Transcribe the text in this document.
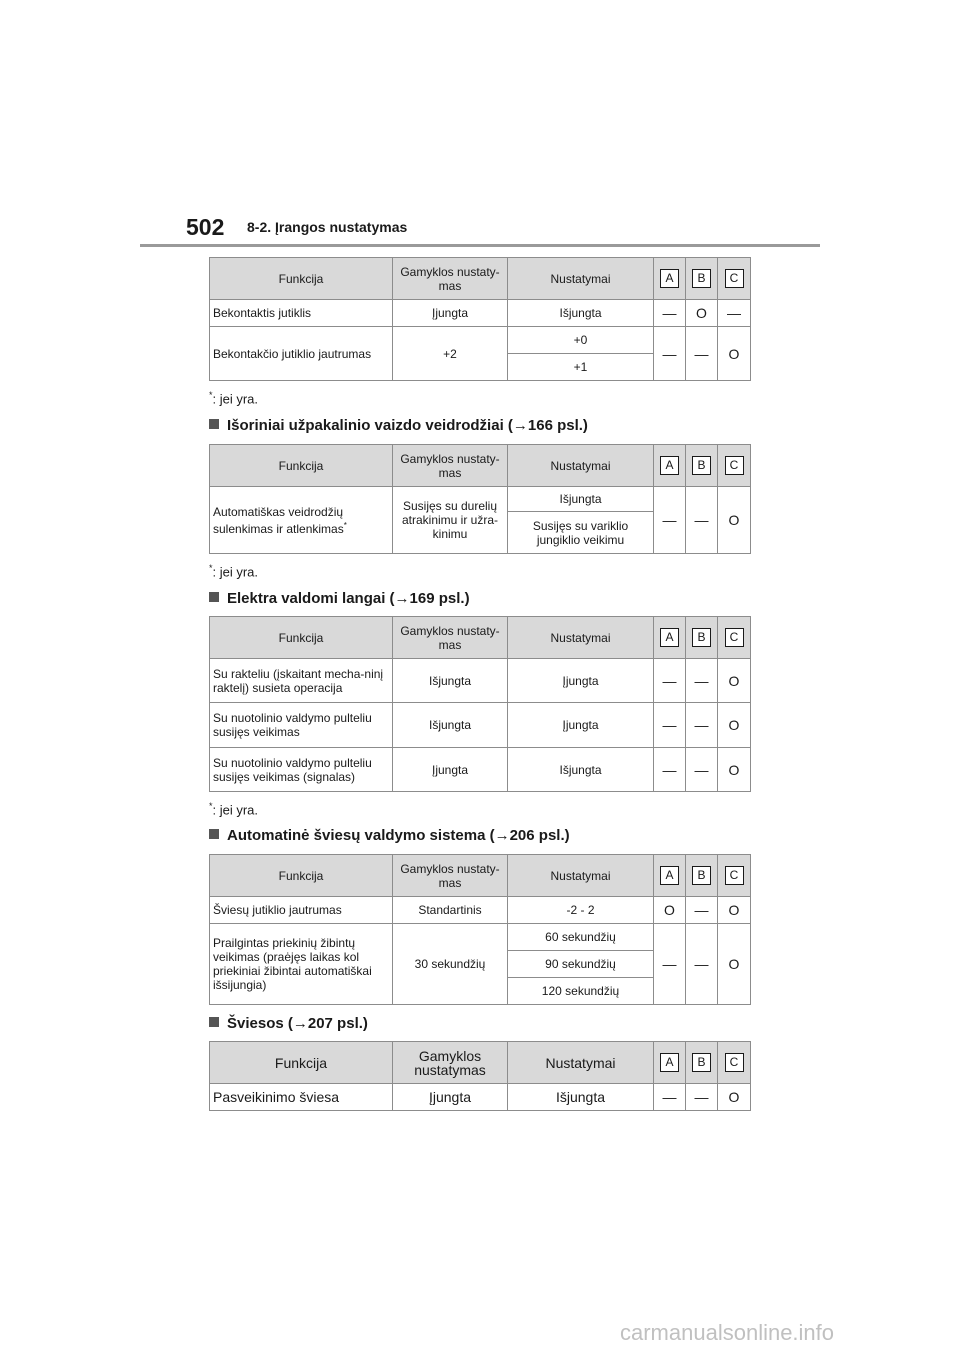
502 8-2. Įrangos nustatymas
Funkcija	Gamyklos nustaty-mas	Nustatymai	A	B	C
Bekontaktis jutiklis	Įjungta	Išjungta	—	O	—
Bekontakčio jutiklio jautrumas	+2	+0	—	—	O
		+1			
*: jei yra.
Išoriniai užpakalinio vaizdo veidrodžiai (→166 psl.)
Funkcija	Gamyklos nustaty-mas	Nustatymai	A	B	C
Automatiškas veidrodžių sulenkimas ir atlenkimas*	Susijęs su durelių atrakinimu ir užra-kinimu	Išjungta	—	—	O
		Susijęs su variklio jungiklio veikimu			
*: jei yra.
Elektra valdomi langai (→169 psl.)
Funkcija	Gamyklos nustaty-mas	Nustatymai	A	B	C
Su rakteliu (įskaitant mecha-ninį raktelį) susieta operacija	Išjungta	Įjungta	—	—	O
Su nuotolinio valdymo pulteliu susijęs veikimas	Išjungta	Įjungta	—	—	O
Su nuotolinio valdymo pulteliu susijęs veikimas (signalas)	Įjungta	Išjungta	—	—	O
*: jei yra.
Automatinė šviesų valdymo sistema (→206 psl.)
Funkcija	Gamyklos nustaty-mas	Nustatymai	A	B	C
Šviesų jutiklio jautrumas	Standartinis	-2 - 2	O	—	O
Prailgintas priekinių žibintų veikimas (praėjęs laikas kol priekiniai žibintai automatiškai išsijungia)	30 sekundžių	60 sekundžių	—	—	O
		90 sekundžių			
		120 sekundžių			
Šviesos (→207 psl.)
Funkcija	Gamyklos nustatymas	Nustatymai	A	B	C
Pasveikinimo šviesa	Įjungta	Išjungta	—	—	O
carmanualsonline.info
